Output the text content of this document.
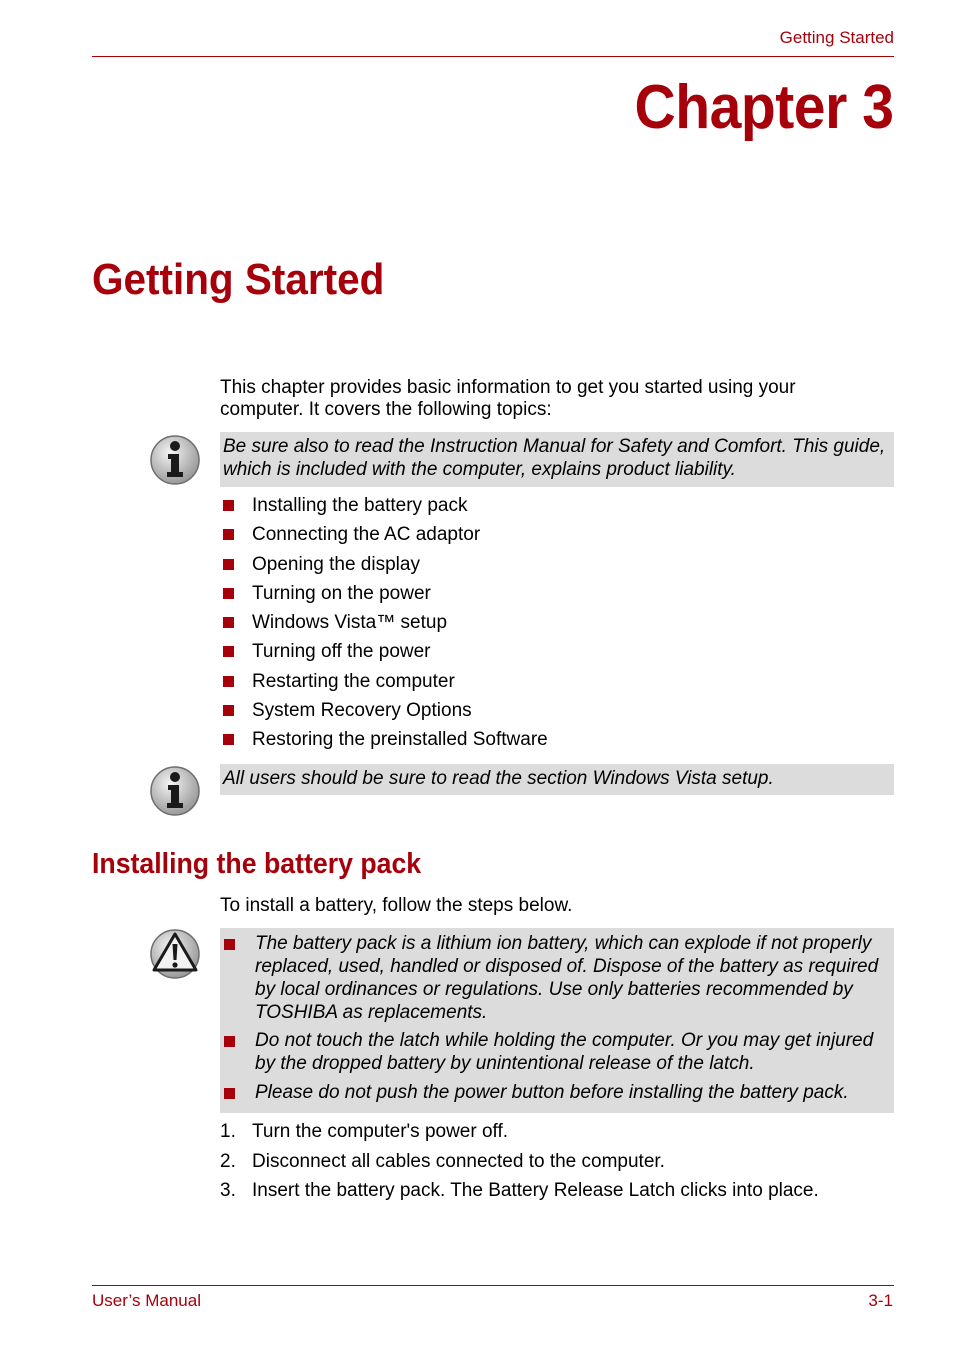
Getting Started
Chapter 3
Getting Started
This chapter provides basic information to get you started using your computer. It covers the following topics:
Be sure also to read the Instruction Manual for Safety and Comfort. This guide, which is included with the computer, explains product liability.
Installing the battery pack
Connecting the AC adaptor
Opening the display
Turning on the power
Windows Vista™ setup
Turning off the power
Restarting the computer
System Recovery Options
Restoring the preinstalled Software
All users should be sure to read the section Windows Vista setup.
Installing the battery pack
To install a battery, follow the steps below.
The battery pack is a lithium ion battery, which can explode if not properly replaced, used, handled or disposed of. Dispose of the battery as required by local ordinances or regulations. Use only batteries recommended by TOSHIBA as replacements.
Do not touch the latch while holding the computer. Or you may get injured by the dropped battery by unintentional release of the latch.
Please do not push the power button before installing the battery pack.
1. Turn the computer's power off.
2. Disconnect all cables connected to the computer.
3. Insert the battery pack. The Battery Release Latch clicks into place.
User’s Manual	3-1
